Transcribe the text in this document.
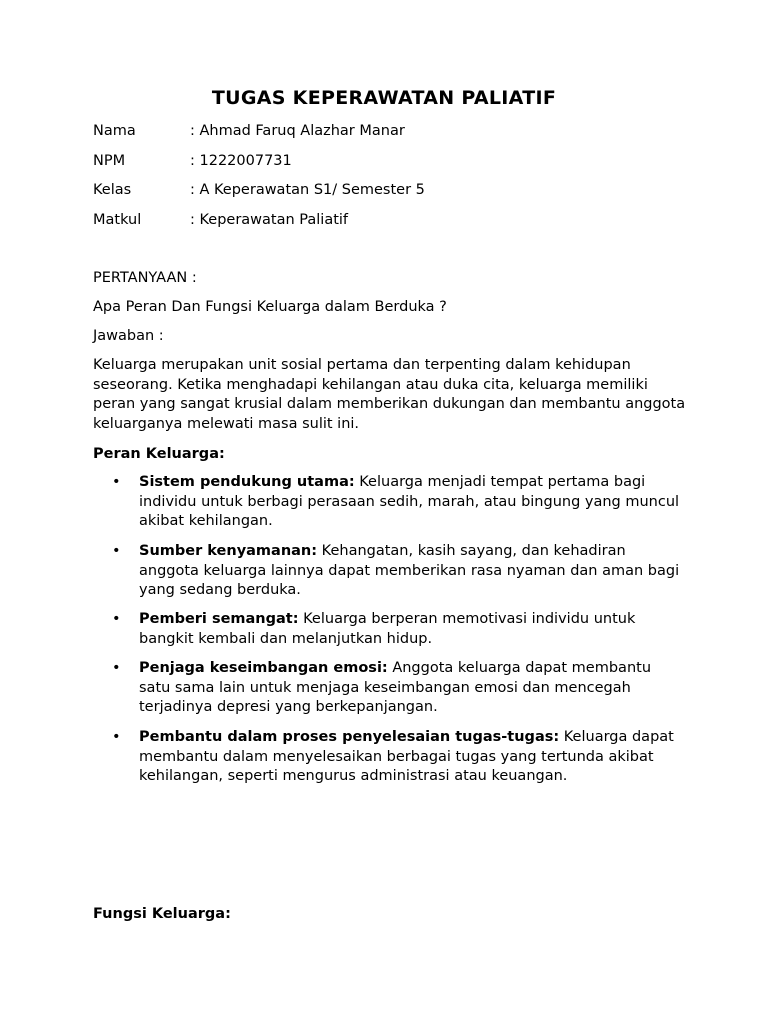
TUGAS KEPERAWATAN PALIATIF
Nama	: Ahmad Faruq Alazhar Manar
NPM	: 1222007731
Kelas	: A Keperawatan S1/ Semester 5
Matkul	: Keperawatan Paliatif
PERTANYAAN :
Apa Peran Dan Fungsi Keluarga dalam Berduka ?
Jawaban :
Keluarga merupakan unit sosial pertama dan terpenting dalam kehidupan seseorang. Ketika menghadapi kehilangan atau duka cita, keluarga memiliki peran yang sangat krusial dalam memberikan dukungan dan membantu anggota keluarganya melewati masa sulit ini.
Peran Keluarga:
• Sistem pendukung utama: Keluarga menjadi tempat pertama bagi individu untuk berbagi perasaan sedih, marah, atau bingung yang muncul akibat kehilangan.
• Sumber kenyamanan: Kehangatan, kasih sayang, dan kehadiran anggota keluarga lainnya dapat memberikan rasa nyaman dan aman bagi yang sedang berduka.
• Pemberi semangat: Keluarga berperan memotivasi individu untuk bangkit kembali dan melanjutkan hidup.
• Penjaga keseimbangan emosi: Anggota keluarga dapat membantu satu sama lain untuk menjaga keseimbangan emosi dan mencegah terjadinya depresi yang berkepanjangan.
• Pembantu dalam proses penyelesaian tugas-tugas: Keluarga dapat membantu dalam menyelesaikan berbagai tugas yang tertunda akibat kehilangan, seperti mengurus administrasi atau keuangan.
Fungsi Keluarga:
